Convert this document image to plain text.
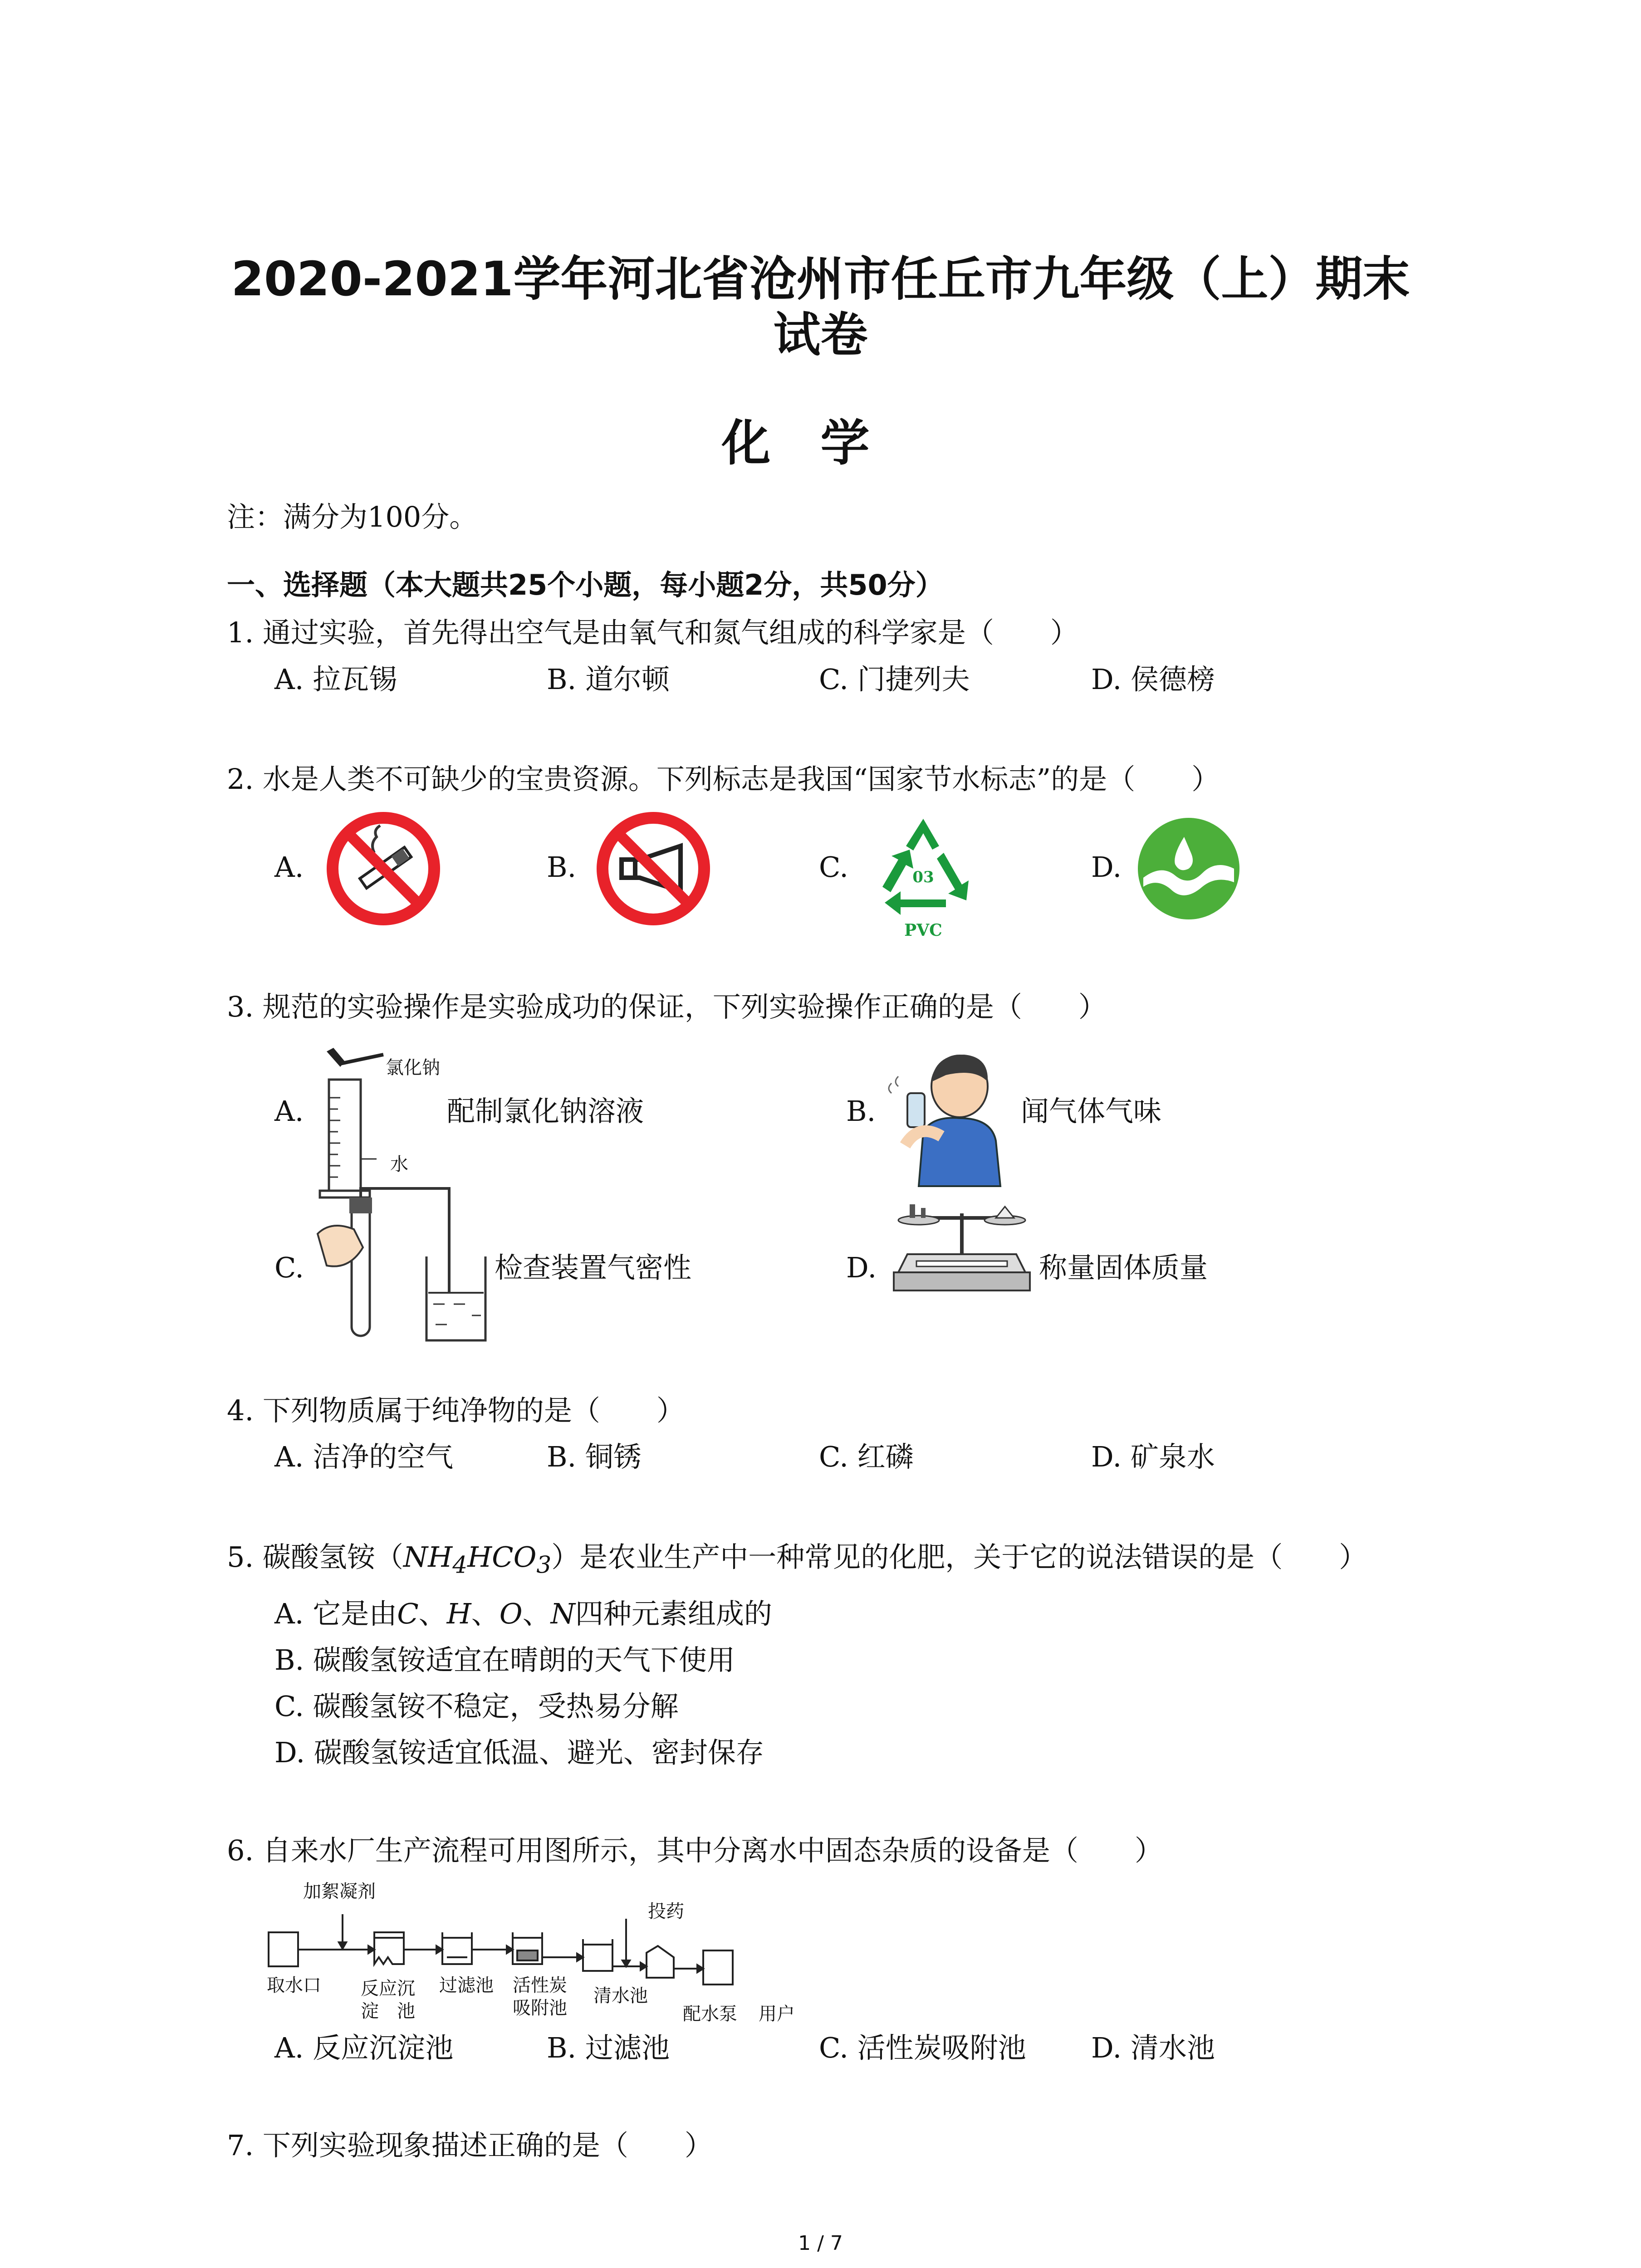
2020-2021学年河北省沧州市任丘市九年级（上）期末
试卷
化学
注：满分为100分。
一、选择题（本大题共25个小题，每小题2分，共50分）
1. 通过实验，首先得出空气是由氧气和氮气组成的科学家是（　　）
A. 拉瓦锡	B. 道尔顿	C. 门捷列夫	D. 侯德榜
2. 水是人类不可缺少的宝贵资源。下列标志是我国“国家节水标志”的是（　　）
A.	B.	C.	D.
03
PVC
3. 规范的实验操作是实验成功的保证，下列实验操作正确的是（　　）
A.	配制氯化钠溶液	B.	闻气体气味
C.	检查装置气密性	D.	称量固体质量
氯化钠
水
4. 下列物质属于纯净物的是（　　）
A. 洁净的空气	B. 铜锈	C. 红磷	D. 矿泉水
5. 碳酸氢铵$(NH_4HCO_3)$是农业生产中一种常见的化肥，关于它的说法错误的是（　　）
A. 它是由C、H、O、N四种元素组成的
B. 碳酸氢铵适宜在晴朗的天气下使用
C. 碳酸氢铵不稳定，受热易分解
D. 碳酸氢铵适宜低温、避光、密封保存
6. 自来水厂生产流程可用图所示，其中分离水中固态杂质的设备是（　　）
加絮凝剂
取水口 反应沉
淀　池
过滤池 活性炭
吸附池
清水池
投药
配水泵 用户
A. 反应沉淀池	B. 过滤池	C. 活性炭吸附池 D. 清水池
7. 下列实验现象描述正确的是（　　）
1 / 7
